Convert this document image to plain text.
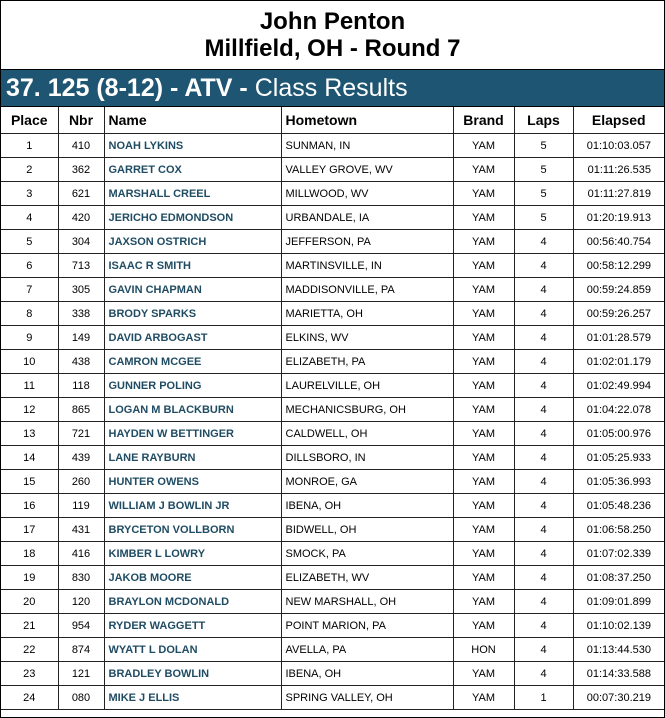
John Penton
Millfield, OH - Round 7
37. 125 (8-12) - ATV - Class Results
Place	Nbr	Name	Hometown	Brand	Laps	Elapsed
1	410	NOAH LYKINS	SUNMAN, IN	YAM	5	01:10:03.057
2	362	GARRET COX	VALLEY GROVE, WV	YAM	5	01:11:26.535
3	621	MARSHALL CREEL	MILLWOOD, WV	YAM	5	01:11:27.819
4	420	JERICHO EDMONDSON	URBANDALE, IA	YAM	5	01:20:19.913
5	304	JAXSON OSTRICH	JEFFERSON, PA	YAM	4	00:56:40.754
6	713	ISAAC R SMITH	MARTINSVILLE, IN	YAM	4	00:58:12.299
7	305	GAVIN CHAPMAN	MADDISONVILLE, PA	YAM	4	00:59:24.859
8	338	BRODY SPARKS	MARIETTA, OH	YAM	4	00:59:26.257
9	149	DAVID ARBOGAST	ELKINS, WV	YAM	4	01:01:28.579
10	438	CAMRON MCGEE	ELIZABETH, PA	YAM	4	01:02:01.179
11	118	GUNNER POLING	LAURELVILLE, OH	YAM	4	01:02:49.994
12	865	LOGAN M BLACKBURN	MECHANICSBURG, OH	YAM	4	01:04:22.078
13	721	HAYDEN W BETTINGER	CALDWELL, OH	YAM	4	01:05:00.976
14	439	LANE RAYBURN	DILLSBORO, IN	YAM	4	01:05:25.933
15	260	HUNTER OWENS	MONROE, GA	YAM	4	01:05:36.993
16	119	WILLIAM J BOWLIN JR	IBENA, OH	YAM	4	01:05:48.236
17	431	BRYCETON VOLLBORN	BIDWELL, OH	YAM	4	01:06:58.250
18	416	KIMBER L LOWRY	SMOCK, PA	YAM	4	01:07:02.339
19	830	JAKOB MOORE	ELIZABETH, WV	YAM	4	01:08:37.250
20	120	BRAYLON MCDONALD	NEW MARSHALL, OH	YAM	4	01:09:01.899
21	954	RYDER WAGGETT	POINT MARION, PA	YAM	4	01:10:02.139
22	874	WYATT L DOLAN	AVELLA, PA	HON	4	01:13:44.530
23	121	BRADLEY BOWLIN	IBENA, OH	YAM	4	01:14:33.588
24	080	MIKE J ELLIS	SPRING VALLEY, OH	YAM	1	00:07:30.219
